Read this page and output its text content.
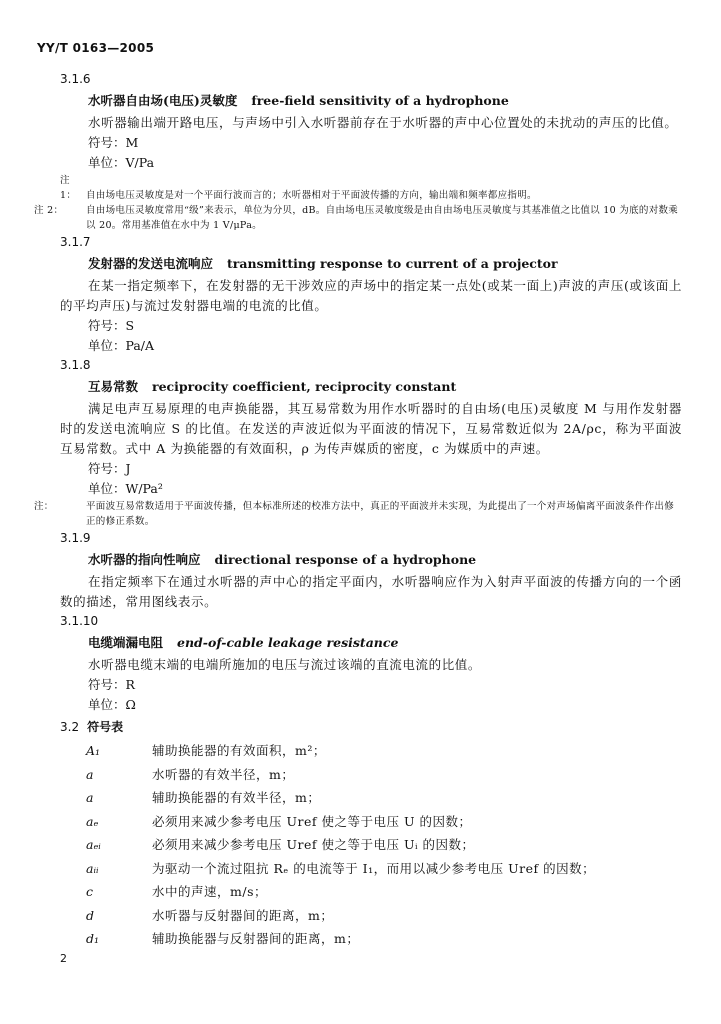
YY/T 0163—2005

3.1.6

水听器自由场(电压)灵敏度 free-field sensitivity of a hydrophone

水听器输出端开路电压，与声场中引入水听器前存在于水听器的声中心位置处的未扰动的声压的比值。

符号：M

单位：V/Pa

注 1： 自由场电压灵敏度是对一个平面行波而言的；水听器相对于平面波传播的方向，输出端和频率都应指明。

注 2： 自由场电压灵敏度常用“级”来表示，单位为分贝，dB。自由场电压灵敏度级是由自由场电压灵敏度与其基准值之比值以 10 为底的对数乘以 20。常用基准值在水中为 1 V/μPa。

3.1.7

发射器的发送电流响应 transmitting response to current of a projector

在某一指定频率下，在发射器的无干涉效应的声场中的指定某一点处(或某一面上)声波的声压(或该面上的平均声压)与流过发射器电端的电流的比值。

符号：S

单位：Pa/A

3.1.8

互易常数 reciprocity coefficient, reciprocity constant

满足电声互易原理的电声换能器，其互易常数为用作水听器时的自由场(电压)灵敏度 M 与用作发射器时的发送电流响应 S 的比值。在发送的声波近似为平面波的情况下，互易常数近似为 2A/ρc，称为平面波互易常数。式中 A 为换能器的有效面积，ρ 为传声媒质的密度，c 为媒质中的声速。

符号：J

单位：W/Pa²

注：	平面波互易常数适用于平面波传播，但本标准所述的校准方法中，真正的平面波并未实现，为此提出了一个对声场偏离平面波条件作出修正的修正系数。

3.1.9

水听器的指向性响应 directional response of a hydrophone

在指定频率下在通过水听器的声中心的指定平面内，水听器响应作为入射声平面波的传播方向的一个函数的描述，常用图线表示。

3.1.10

电缆端漏电阻 end-of-cable leakage resistance

水听器电缆末端的电端所施加的电压与流过该端的直流电流的比值。

符号：R

单位：Ω

3.2 符号表

A₁	辅助换能器的有效面积，m²；
a	水听器的有效半径，m；
a	辅助换能器的有效半径，m；
aₑ	必须用来减少参考电压 Uref 使之等于电压 U 的因数；
aₑᵢ	必须用来减少参考电压 Uref 使之等于电压 Uᵢ 的因数；
aᵢᵢ	为驱动一个流过阻抗 Rₑ 的电流等于 I₁，而用以减少参考电压 Uref 的因数；
c	水中的声速，m/s；
d	水听器与反射器间的距离，m；
d₁	辅助换能器与反射器间的距离，m；
2
